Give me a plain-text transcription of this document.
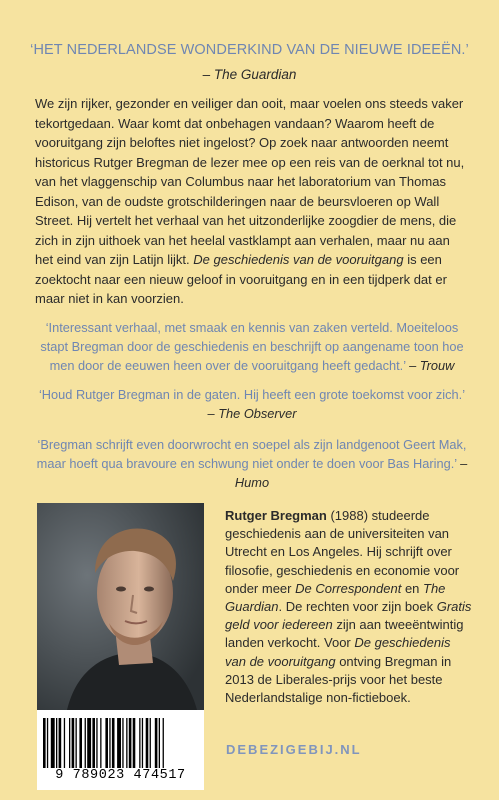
‘HET NEDERLANDSE WONDERKIND VAN DE NIEUWE IDEEËN.’
– The Guardian
We zijn rijker, gezonder en veiliger dan ooit, maar voelen ons steeds vaker tekortgedaan. Waar komt dat onbehagen vandaan? Waarom heeft de vooruitgang zijn beloftes niet ingelost? Op zoek naar antwoorden neemt historicus Rutger Bregman de lezer mee op een reis van de oerknal tot nu, van het vlaggenschip van Columbus naar het laboratorium van Thomas Edison, van de oudste grotschilderingen naar de beursvloeren op Wall Street. Hij vertelt het verhaal van het uitzonderlijke zoogdier de mens, die zich in zijn uithoek van het heelal vastklampt aan verhalen, maar nu aan het eind van zijn Latijn lijkt. De geschiedenis van de vooruitgang is een zoektocht naar een nieuw geloof in vooruitgang en in een tijdperk dat er maar niet in kan voorzien.
‘Interessant verhaal, met smaak en kennis van zaken verteld. Moeiteloos stapt Bregman door de geschiedenis en beschrijft op aangename toon hoe men door de eeuwen heen over de vooruitgang heeft gedacht.’ – Trouw
‘Houd Rutger Bregman in de gaten. Hij heeft een grote toekomst voor zich.’
– The Observer
‘Bregman schrijft even doorwrocht en soepel als zijn landgenoot Geert Mak, maar hoeft qua bravoure en schwung niet onder te doen voor Bas Haring.’ – Humo
9 789023 474517
Rutger Bregman (1988) studeerde geschiedenis aan de universiteiten van Utrecht en Los Angeles. Hij schrijft over filosofie, geschiedenis en economie voor onder meer De Correspondent en The Guardian. De rechten voor zijn boek Gratis geld voor iedereen zijn aan tweeëntwintig landen verkocht. Voor De geschiedenis van de vooruitgang ontving Bregman in 2013 de Liberales-prijs voor het beste Nederlandstalige non-fictieboek.
DEBEZIGEBIJ.NL
